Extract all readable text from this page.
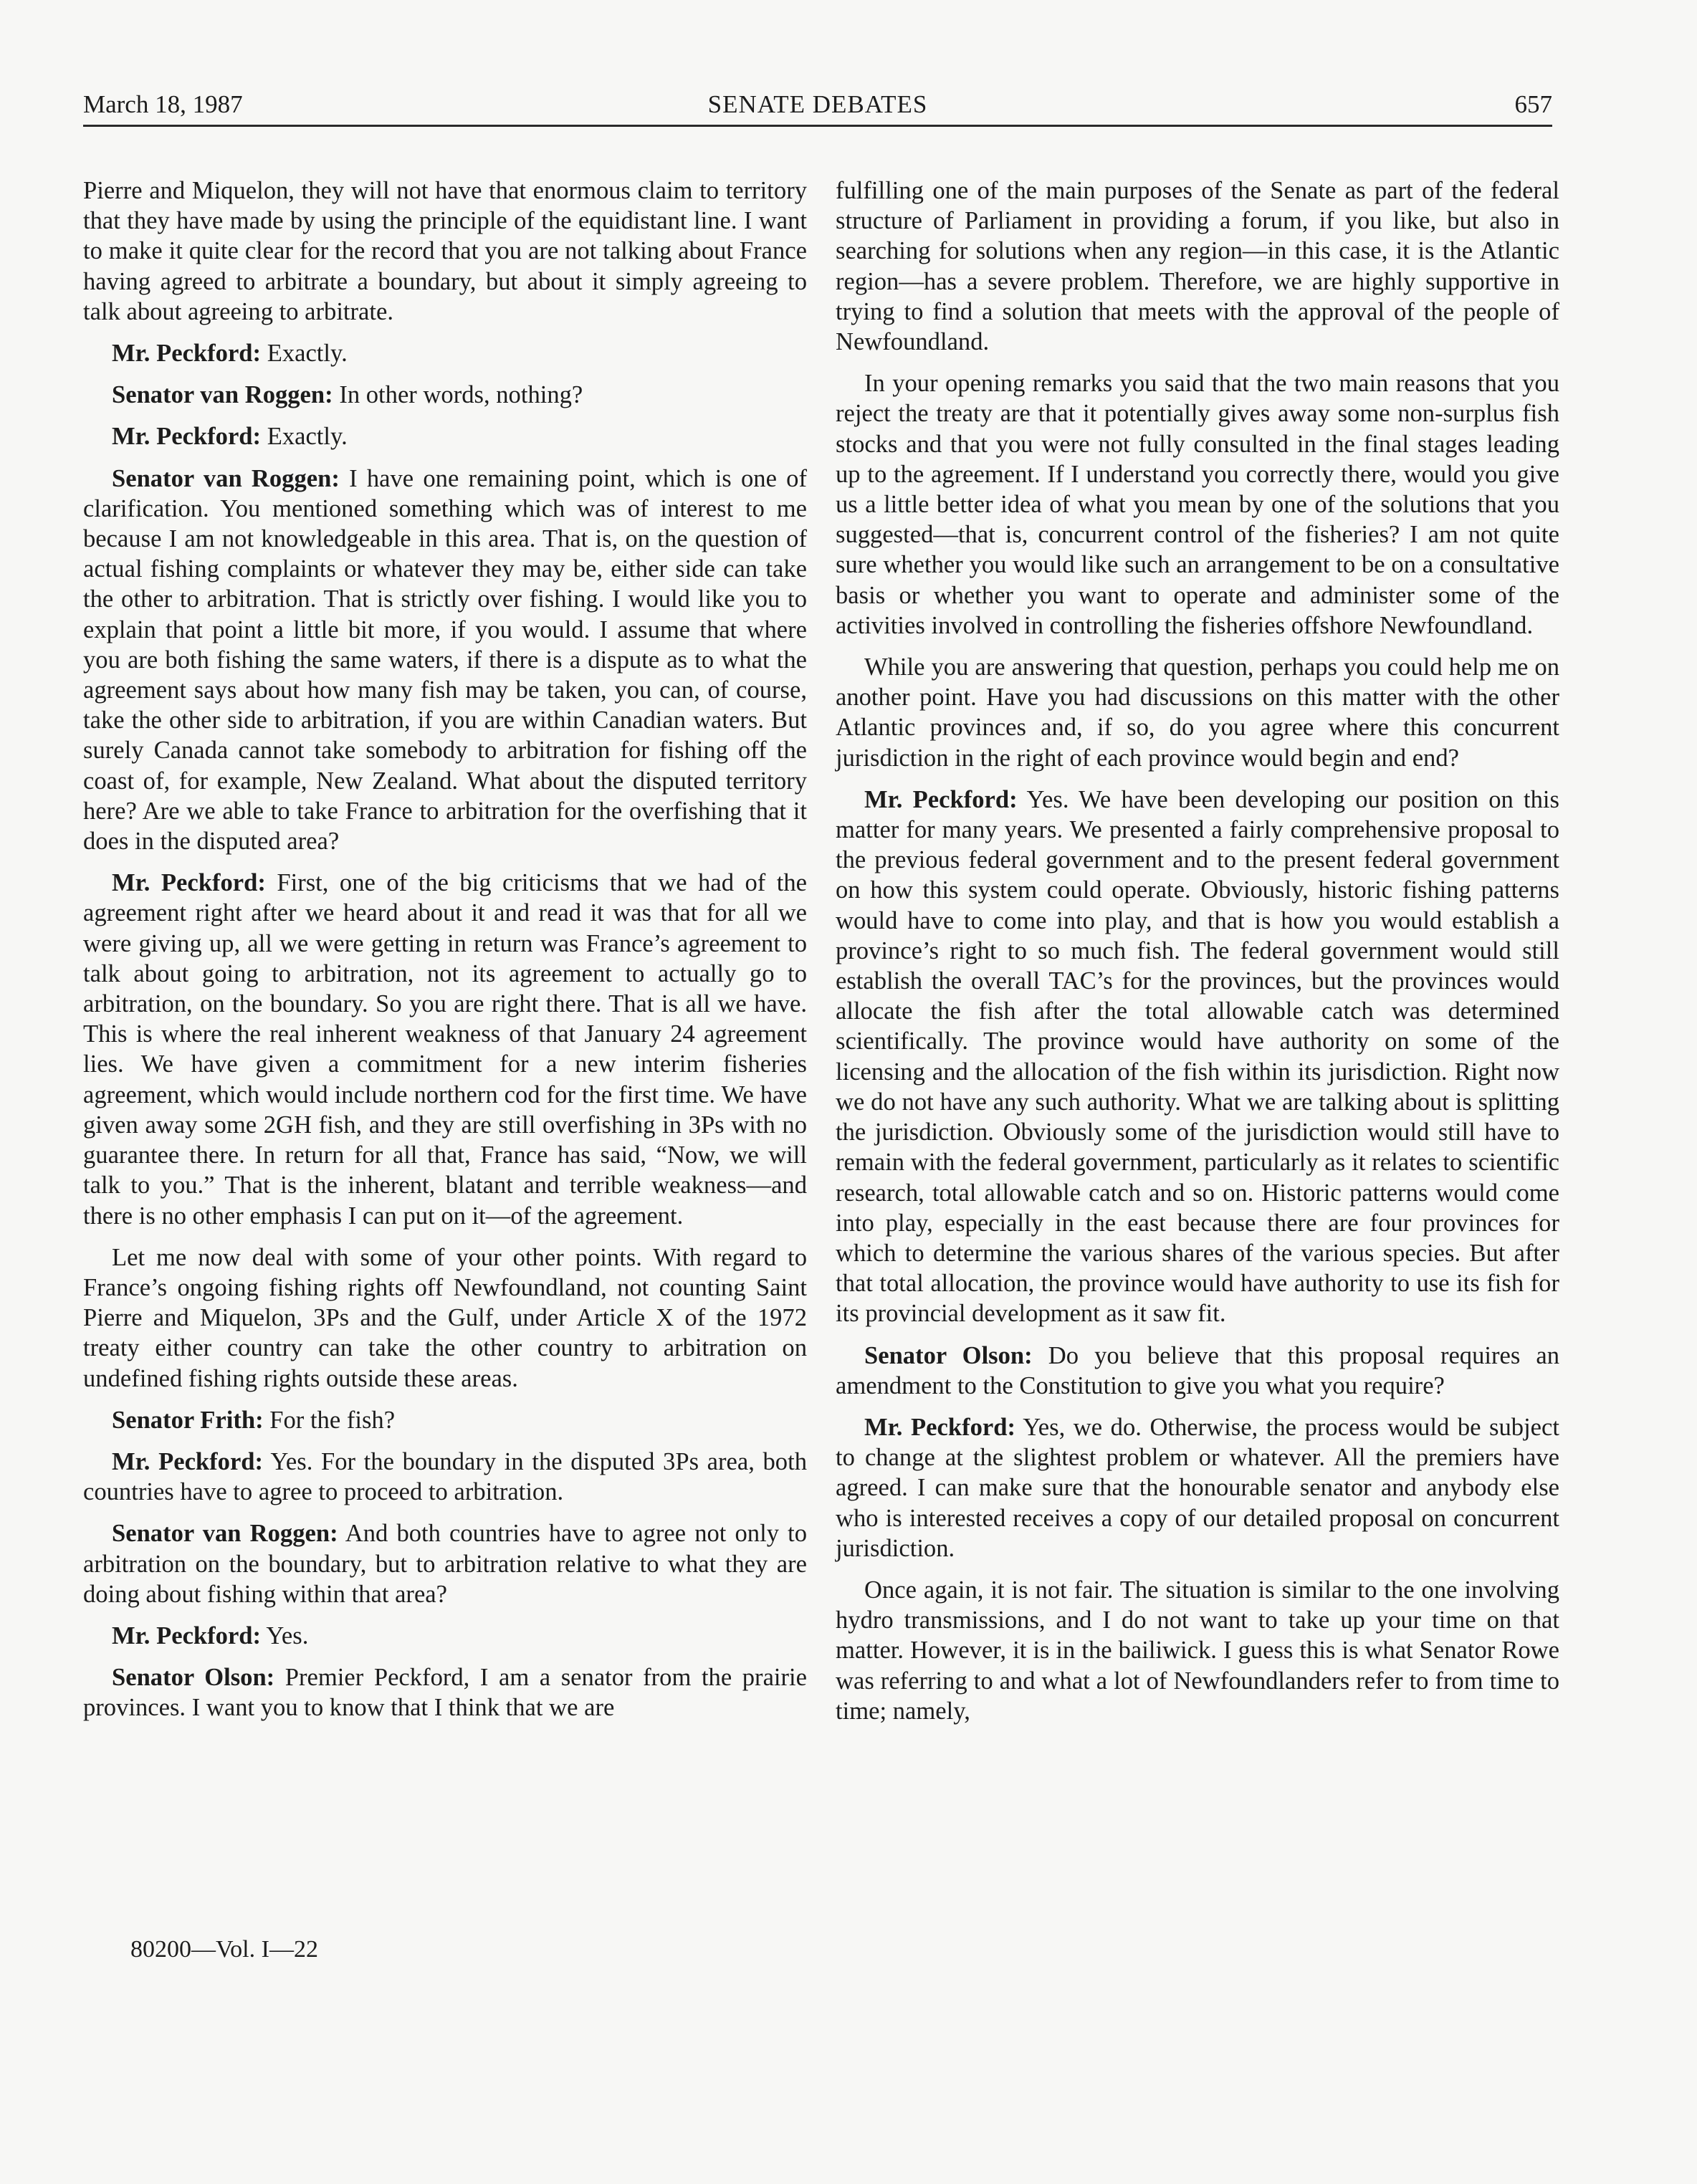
SENATE DEBATES
March 18, 1987	657

Pierre and Miquelon, they will not have that enormous claim to territory that they have made by using the principle of the equidistant line. I want to make it quite clear for the record that you are not talking about France having agreed to arbitrate a boundary, but about it simply agreeing to talk about agreeing to arbitrate.

Mr. Peckford: Exactly.

Senator van Roggen: In other words, nothing?

Mr. Peckford: Exactly.

Senator van Roggen: I have one remaining point, which is one of clarification. You mentioned something which was of interest to me because I am not knowledgeable in this area. That is, on the question of actual fishing complaints or whatever they may be, either side can take the other to arbitration. That is strictly over fishing. I would like you to explain that point a little bit more, if you would. I assume that where you are both fishing the same waters, if there is a dispute as to what the agreement says about how many fish may be taken, you can, of course, take the other side to arbitration, if you are within Canadian waters. But surely Canada cannot take somebody to arbitration for fishing off the coast of, for example, New Zealand. What about the disputed territory here? Are we able to take France to arbitration for the overfishing that it does in the disputed area?

Mr. Peckford: First, one of the big criticisms that we had of the agreement right after we heard about it and read it was that for all we were giving up, all we were getting in return was France’s agreement to talk about going to arbitration, not its agreement to actually go to arbitration, on the boundary. So you are right there. That is all we have. This is where the real inherent weakness of that January 24 agreement lies. We have given a commitment for a new interim fisheries agreement, which would include northern cod for the first time. We have given away some 2GH fish, and they are still overfishing in 3Ps with no guarantee there. In return for all that, France has said, “Now, we will talk to you.” That is the inherent, blatant and terrible weakness—and there is no other emphasis I can put on it—of the agreement.

Let me now deal with some of your other points. With regard to France’s ongoing fishing rights off Newfoundland, not counting Saint Pierre and Miquelon, 3Ps and the Gulf, under Article X of the 1972 treaty either country can take the other country to arbitration on undefined fishing rights outside these areas.

Senator Frith: For the fish?

Mr. Peckford: Yes. For the boundary in the disputed 3Ps area, both countries have to agree to proceed to arbitration.

Senator van Roggen: And both countries have to agree not only to arbitration on the boundary, but to arbitration relative to what they are doing about fishing within that area?

Mr. Peckford: Yes.

Senator Olson: Premier Peckford, I am a senator from the prairie provinces. I want you to know that I think that we are

fulfilling one of the main purposes of the Senate as part of the federal structure of Parliament in providing a forum, if you like, but also in searching for solutions when any region—in this case, it is the Atlantic region—has a severe problem. Therefore, we are highly supportive in trying to find a solution that meets with the approval of the people of Newfoundland.

In your opening remarks you said that the two main reasons that you reject the treaty are that it potentially gives away some non-surplus fish stocks and that you were not fully consulted in the final stages leading up to the agreement. If I understand you correctly there, would you give us a little better idea of what you mean by one of the solutions that you suggested—that is, concurrent control of the fisheries? I am not quite sure whether you would like such an arrangement to be on a consultative basis or whether you want to operate and administer some of the activities involved in controlling the fisheries offshore Newfoundland.

While you are answering that question, perhaps you could help me on another point. Have you had discussions on this matter with the other Atlantic provinces and, if so, do you agree where this concurrent jurisdiction in the right of each province would begin and end?

Mr. Peckford: Yes. We have been developing our position on this matter for many years. We presented a fairly comprehensive proposal to the previous federal government and to the present federal government on how this system could operate. Obviously, historic fishing patterns would have to come into play, and that is how you would establish a province’s right to so much fish. The federal government would still establish the overall TAC’s for the provinces, but the provinces would allocate the fish after the total allowable catch was determined scientifically. The province would have authority on some of the licensing and the allocation of the fish within its jurisdiction. Right now we do not have any such authority. What we are talking about is splitting the jurisdiction. Obviously some of the jurisdiction would still have to remain with the federal government, particularly as it relates to scientific research, total allowable catch and so on. Historic patterns would come into play, especially in the east because there are four provinces for which to determine the various shares of the various species. But after that total allocation, the province would have authority to use its fish for its provincial development as it saw fit.

Senator Olson: Do you believe that this proposal requires an amendment to the Constitution to give you what you require?

Mr. Peckford: Yes, we do. Otherwise, the process would be subject to change at the slightest problem or whatever. All the premiers have agreed. I can make sure that the honourable senator and anybody else who is interested receives a copy of our detailed proposal on concurrent jurisdiction.

Once again, it is not fair. The situation is similar to the one involving hydro transmissions, and I do not want to take up your time on that matter. However, it is in the bailiwick. I guess this is what Senator Rowe was referring to and what a lot of Newfoundlanders refer to from time to time; namely,

80200—Vol. I—22
